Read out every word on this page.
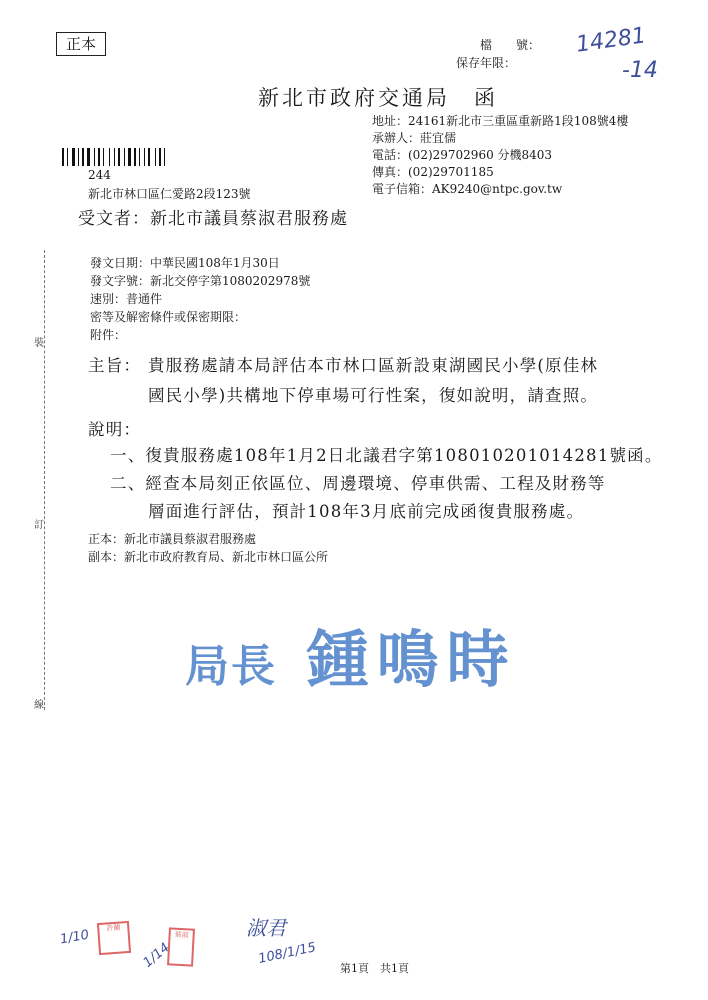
正本	檔　　號：
保存年限：
14281
-14
新北市政府交通局　函
地址：24161新北市三重區重新路1段108號4樓
承辦人：莊宜儒
電話：(02)29702960 分機8403
傳真：(02)29701185
電子信箱：AK9240@ntpc.gov.tw
244
新北市林口區仁愛路2段123號
受文者：新北市議員蔡淑君服務處
發文日期：中華民國108年1月30日
發文字號：新北交停字第1080202978號
速別：普通件
密等及解密條件或保密期限：
附件：
裝
訂
線
主旨： 貴服務處請本局評估本市林口區新設東湖國民小學(原佳林
國民小學)共構地下停車場可行性案，復如說明，請查照。
說明：
一、復貴服務處108年1月2日北議君字第1080102010142​81號函。
二、經查本局刻正依區位、周邊環境、停車供需、工程及財務等
層面進行評估，預計108年3月底前完成函復貴服務處。
正本：新北市議員蔡淑君服務處
副本：新北市政府教育局、新北市林口區公所
局長 鍾鳴時
1/10	許蘭
1/14
蔡淑	淑君
108/1/15
第1頁　共1頁
